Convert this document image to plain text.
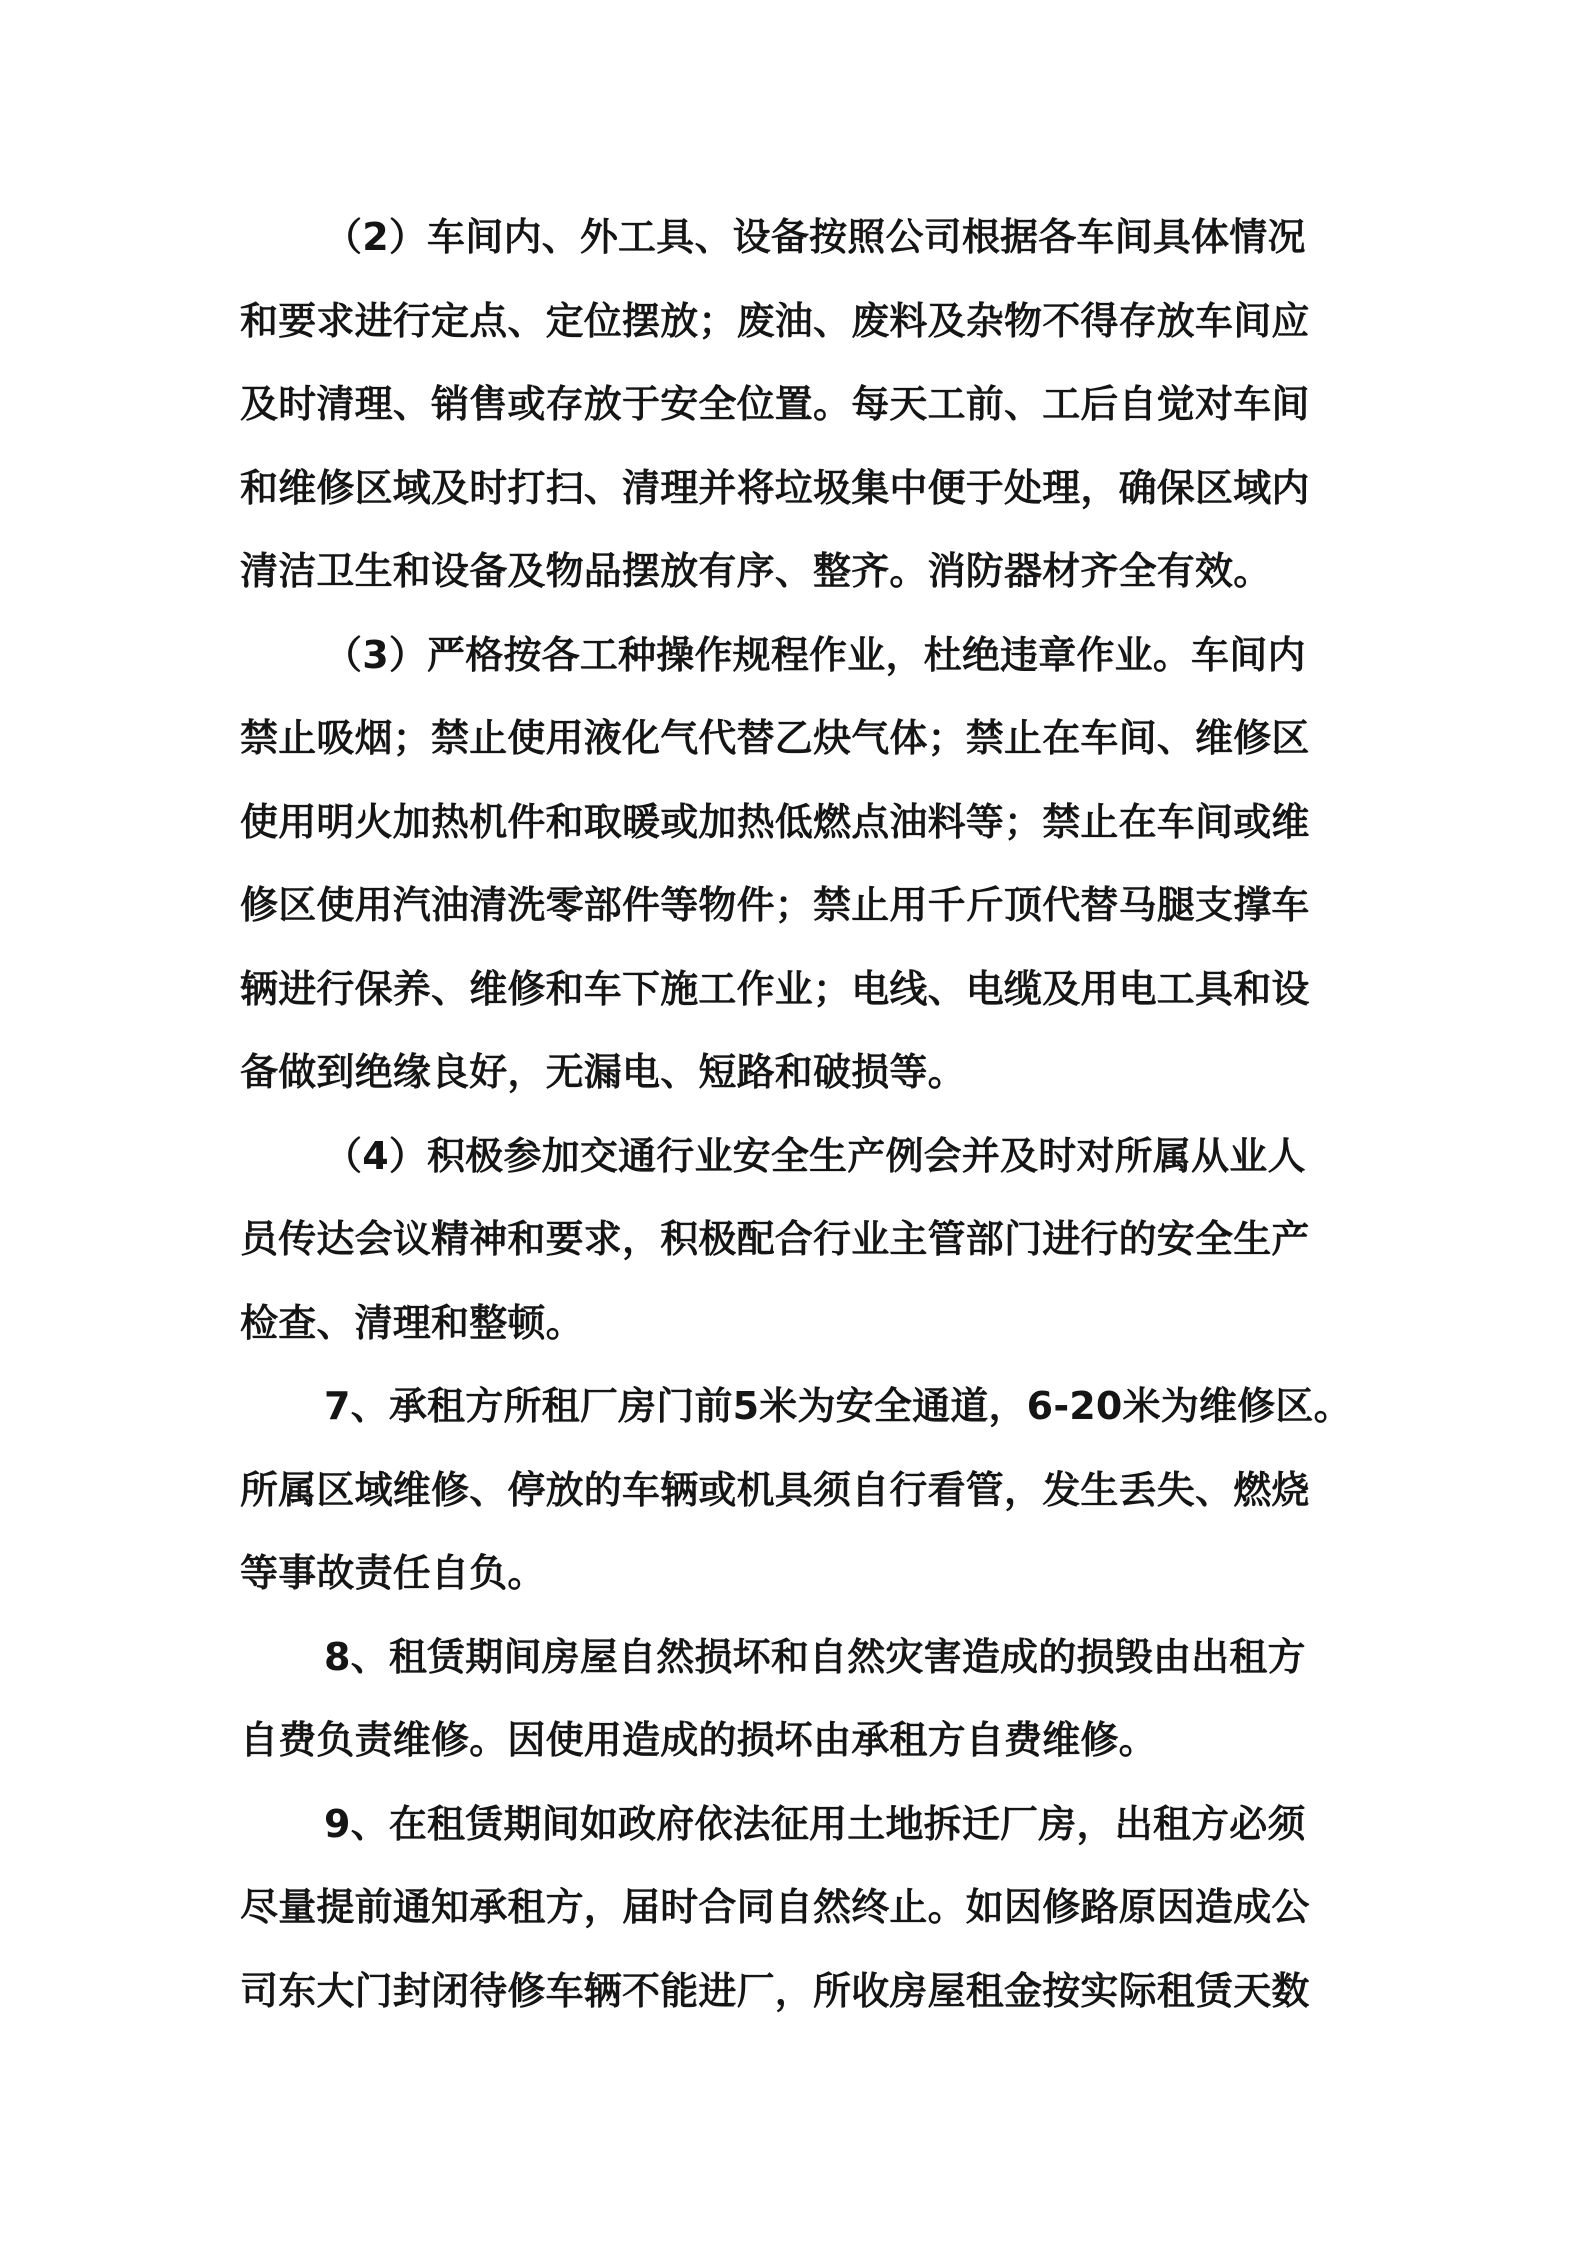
（2）车间内、外工具、设备按照公司根据各车间具体情况
和要求进行定点、定位摆放；废油、废料及杂物不得存放车间应
及时清理、销售或存放于安全位置。每天工前、工后自觉对车间
和维修区域及时打扫、清理并将垃圾集中便于处理，确保区域内
清洁卫生和设备及物品摆放有序、整齐。消防器材齐全有效。
（3）严格按各工种操作规程作业，杜绝违章作业。车间内
禁止吸烟；禁止使用液化气代替乙炔气体；禁止在车间、维修区
使用明火加热机件和取暖或加热低燃点油料等；禁止在车间或维
修区使用汽油清洗零部件等物件；禁止用千斤顶代替马腿支撑车
辆进行保养、维修和车下施工作业；电线、电缆及用电工具和设
备做到绝缘良好，无漏电、短路和破损等。
（4）积极参加交通行业安全生产例会并及时对所属从业人
员传达会议精神和要求，积极配合行业主管部门进行的安全生产
检查、清理和整顿。
7、承租方所租厂房门前5米为安全通道，6-20米为维修区。
所属区域维修、停放的车辆或机具须自行看管，发生丢失、燃烧
等事故责任自负。
8、租赁期间房屋自然损坏和自然灾害造成的损毁由出租方
自费负责维修。因使用造成的损坏由承租方自费维修。
9、在租赁期间如政府依法征用土地拆迁厂房，出租方必须
尽量提前通知承租方，届时合同自然终止。如因修路原因造成公
司东大门封闭待修车辆不能进厂，所收房屋租金按实际租赁天数
